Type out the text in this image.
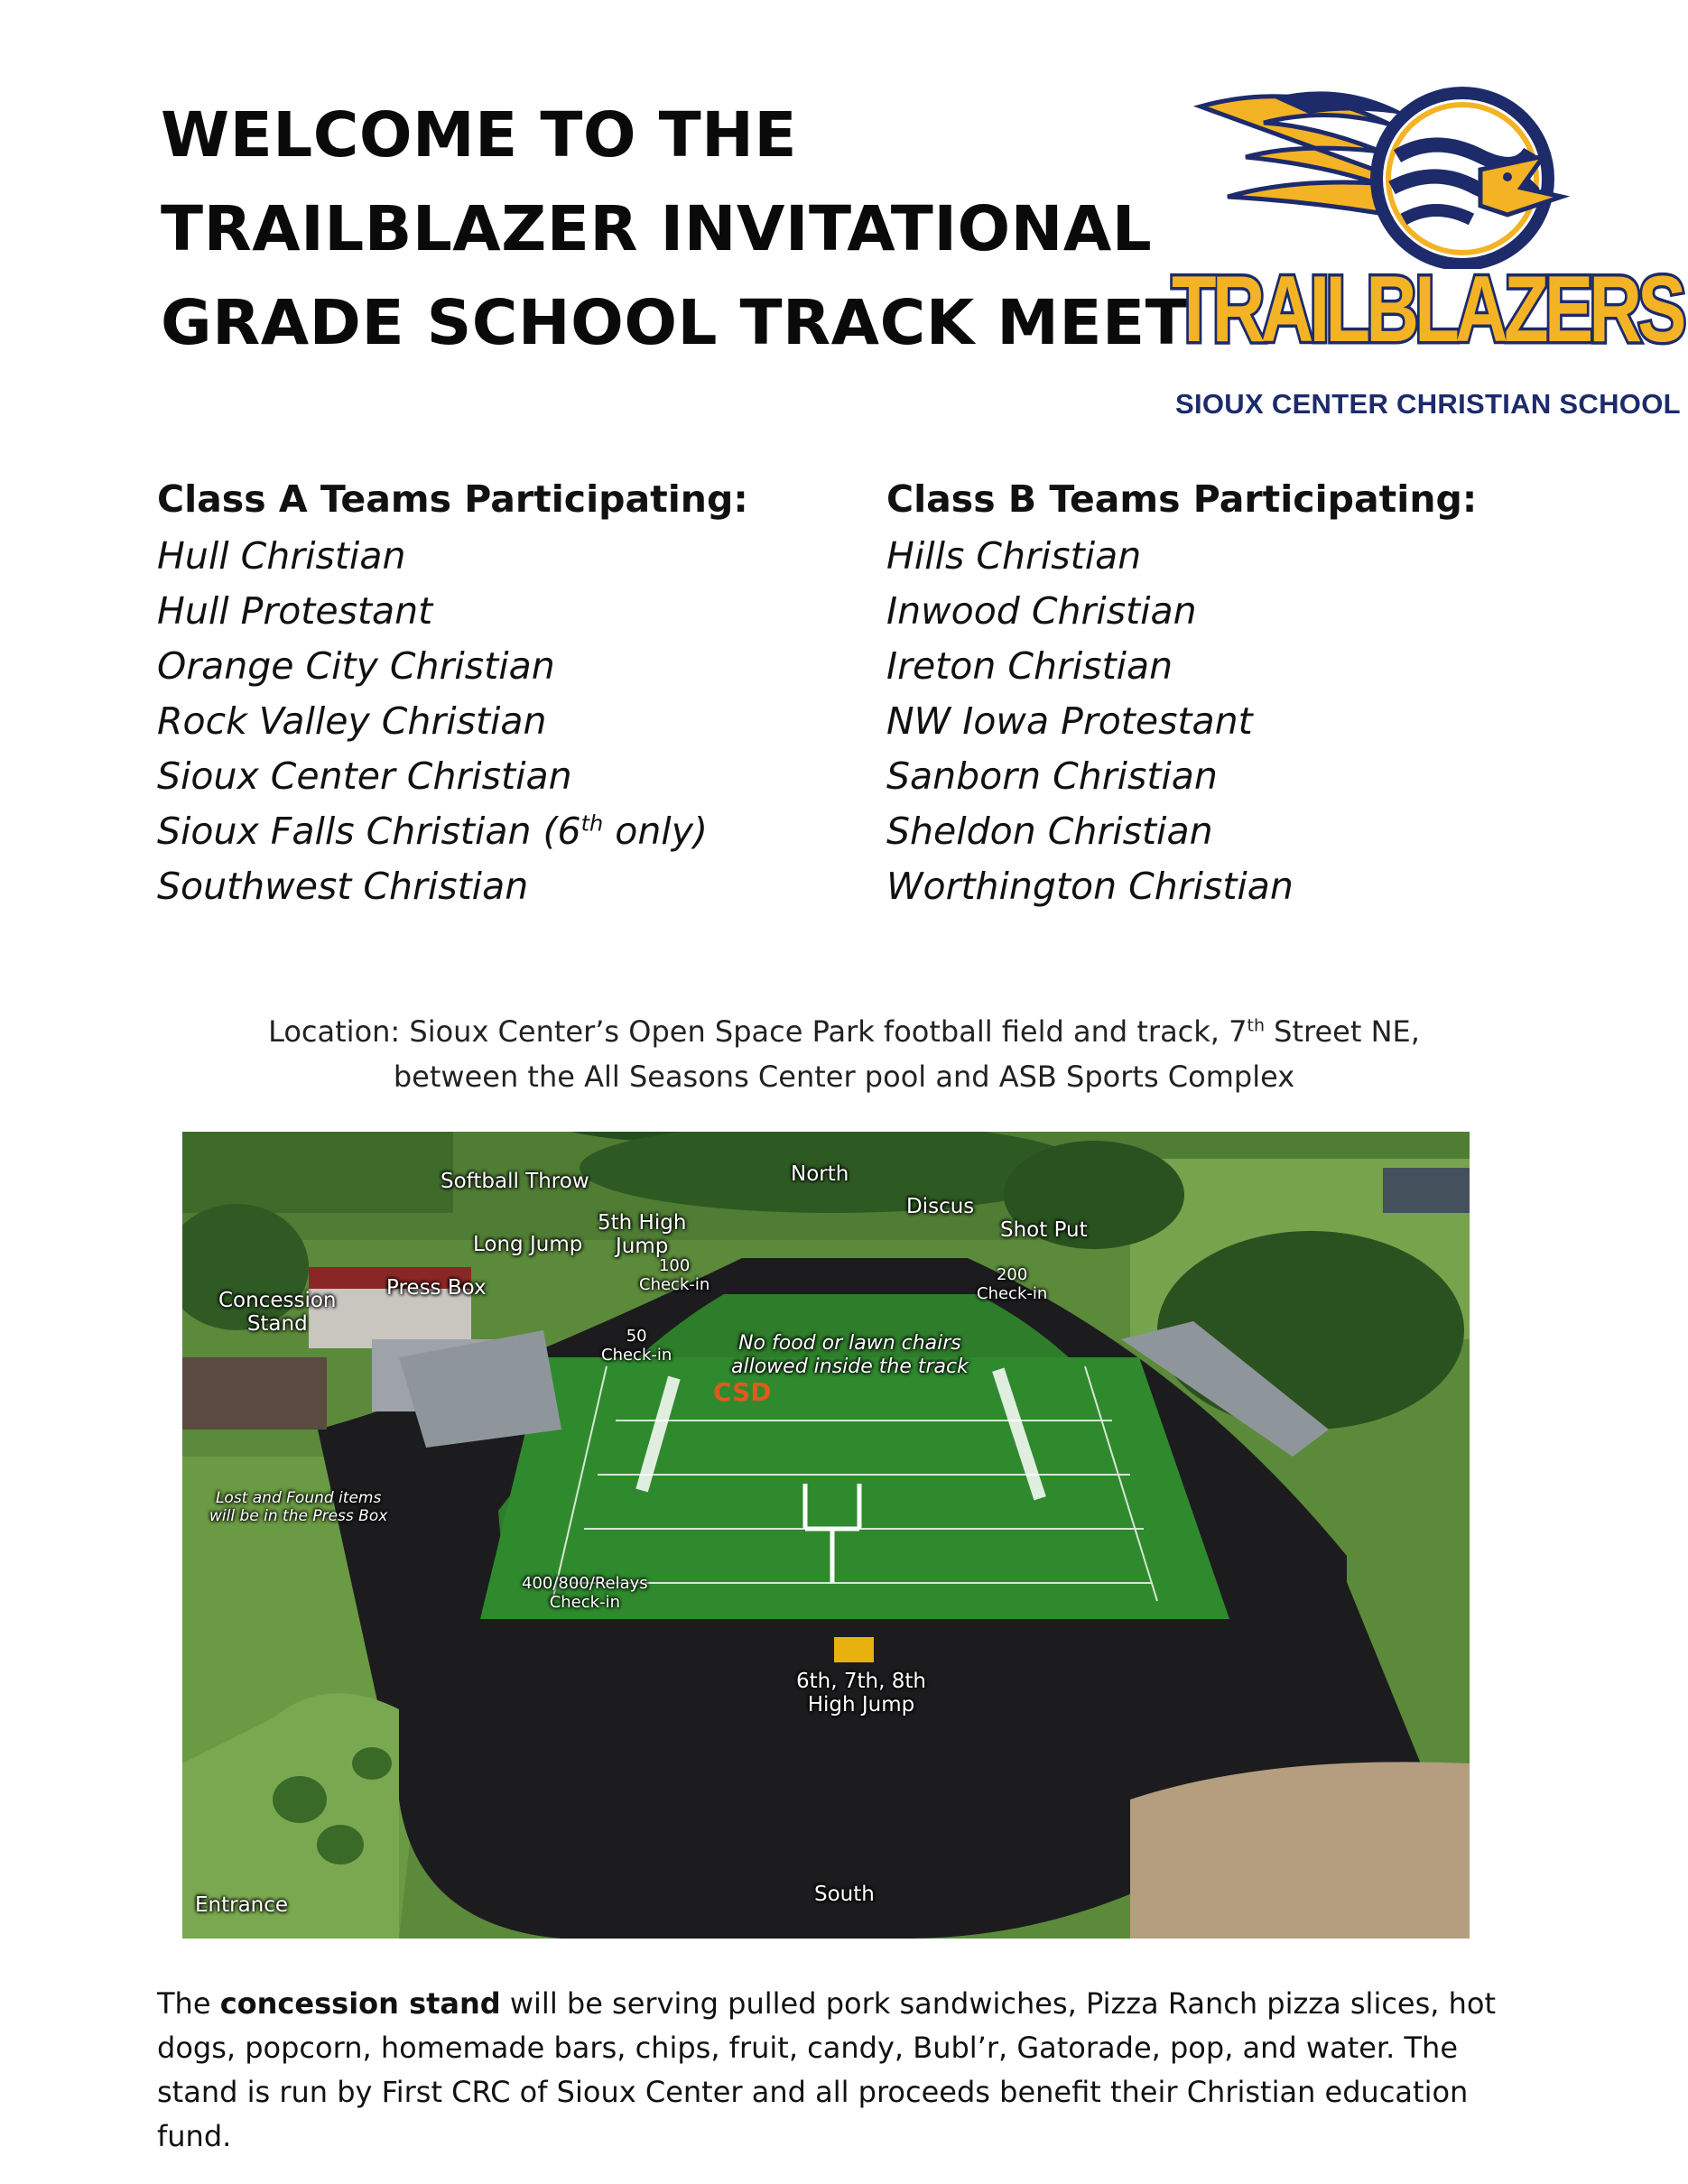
WELCOME TO THE
TRAILBLAZER INVITATIONAL
GRADE SCHOOL TRACK MEET
TRAILBLAZERS
SIOUX CENTER CHRISTIAN SCHOOL
Class A Teams Participating:
Hull Christian
Hull Protestant
Orange City Christian
Rock Valley Christian
Sioux Center Christian
Sioux Falls Christian (6th only)
Southwest Christian
Class B Teams Participating:
Hills Christian
Inwood Christian
Ireton Christian
NW Iowa Protestant
Sanborn Christian
Sheldon Christian
Worthington Christian
Location: Sioux Center’s Open Space Park football field and track, 7th Street NE,
between the All Seasons Center pool and ASB Sports Complex
Softball Throw	North
Discus
Shot Put
5th High
Jump
Long Jump
100
Check-in
200
Check-in
Press Box
Concession
Stand
50
Check-in
No food or lawn chairs
allowed inside the track
CSD
Lost and Found items
will be in the Press Box
400/800/Relays
Check-in
6th, 7th, 8th
High Jump
Entrance	South
The concession stand will be serving pulled pork sandwiches, Pizza Ranch pizza slices, hot dogs, popcorn, homemade bars, chips, fruit, candy, Bubl’r, Gatorade, pop, and water. The stand is run by First CRC of Sioux Center and all proceeds benefit their Christian education fund.
